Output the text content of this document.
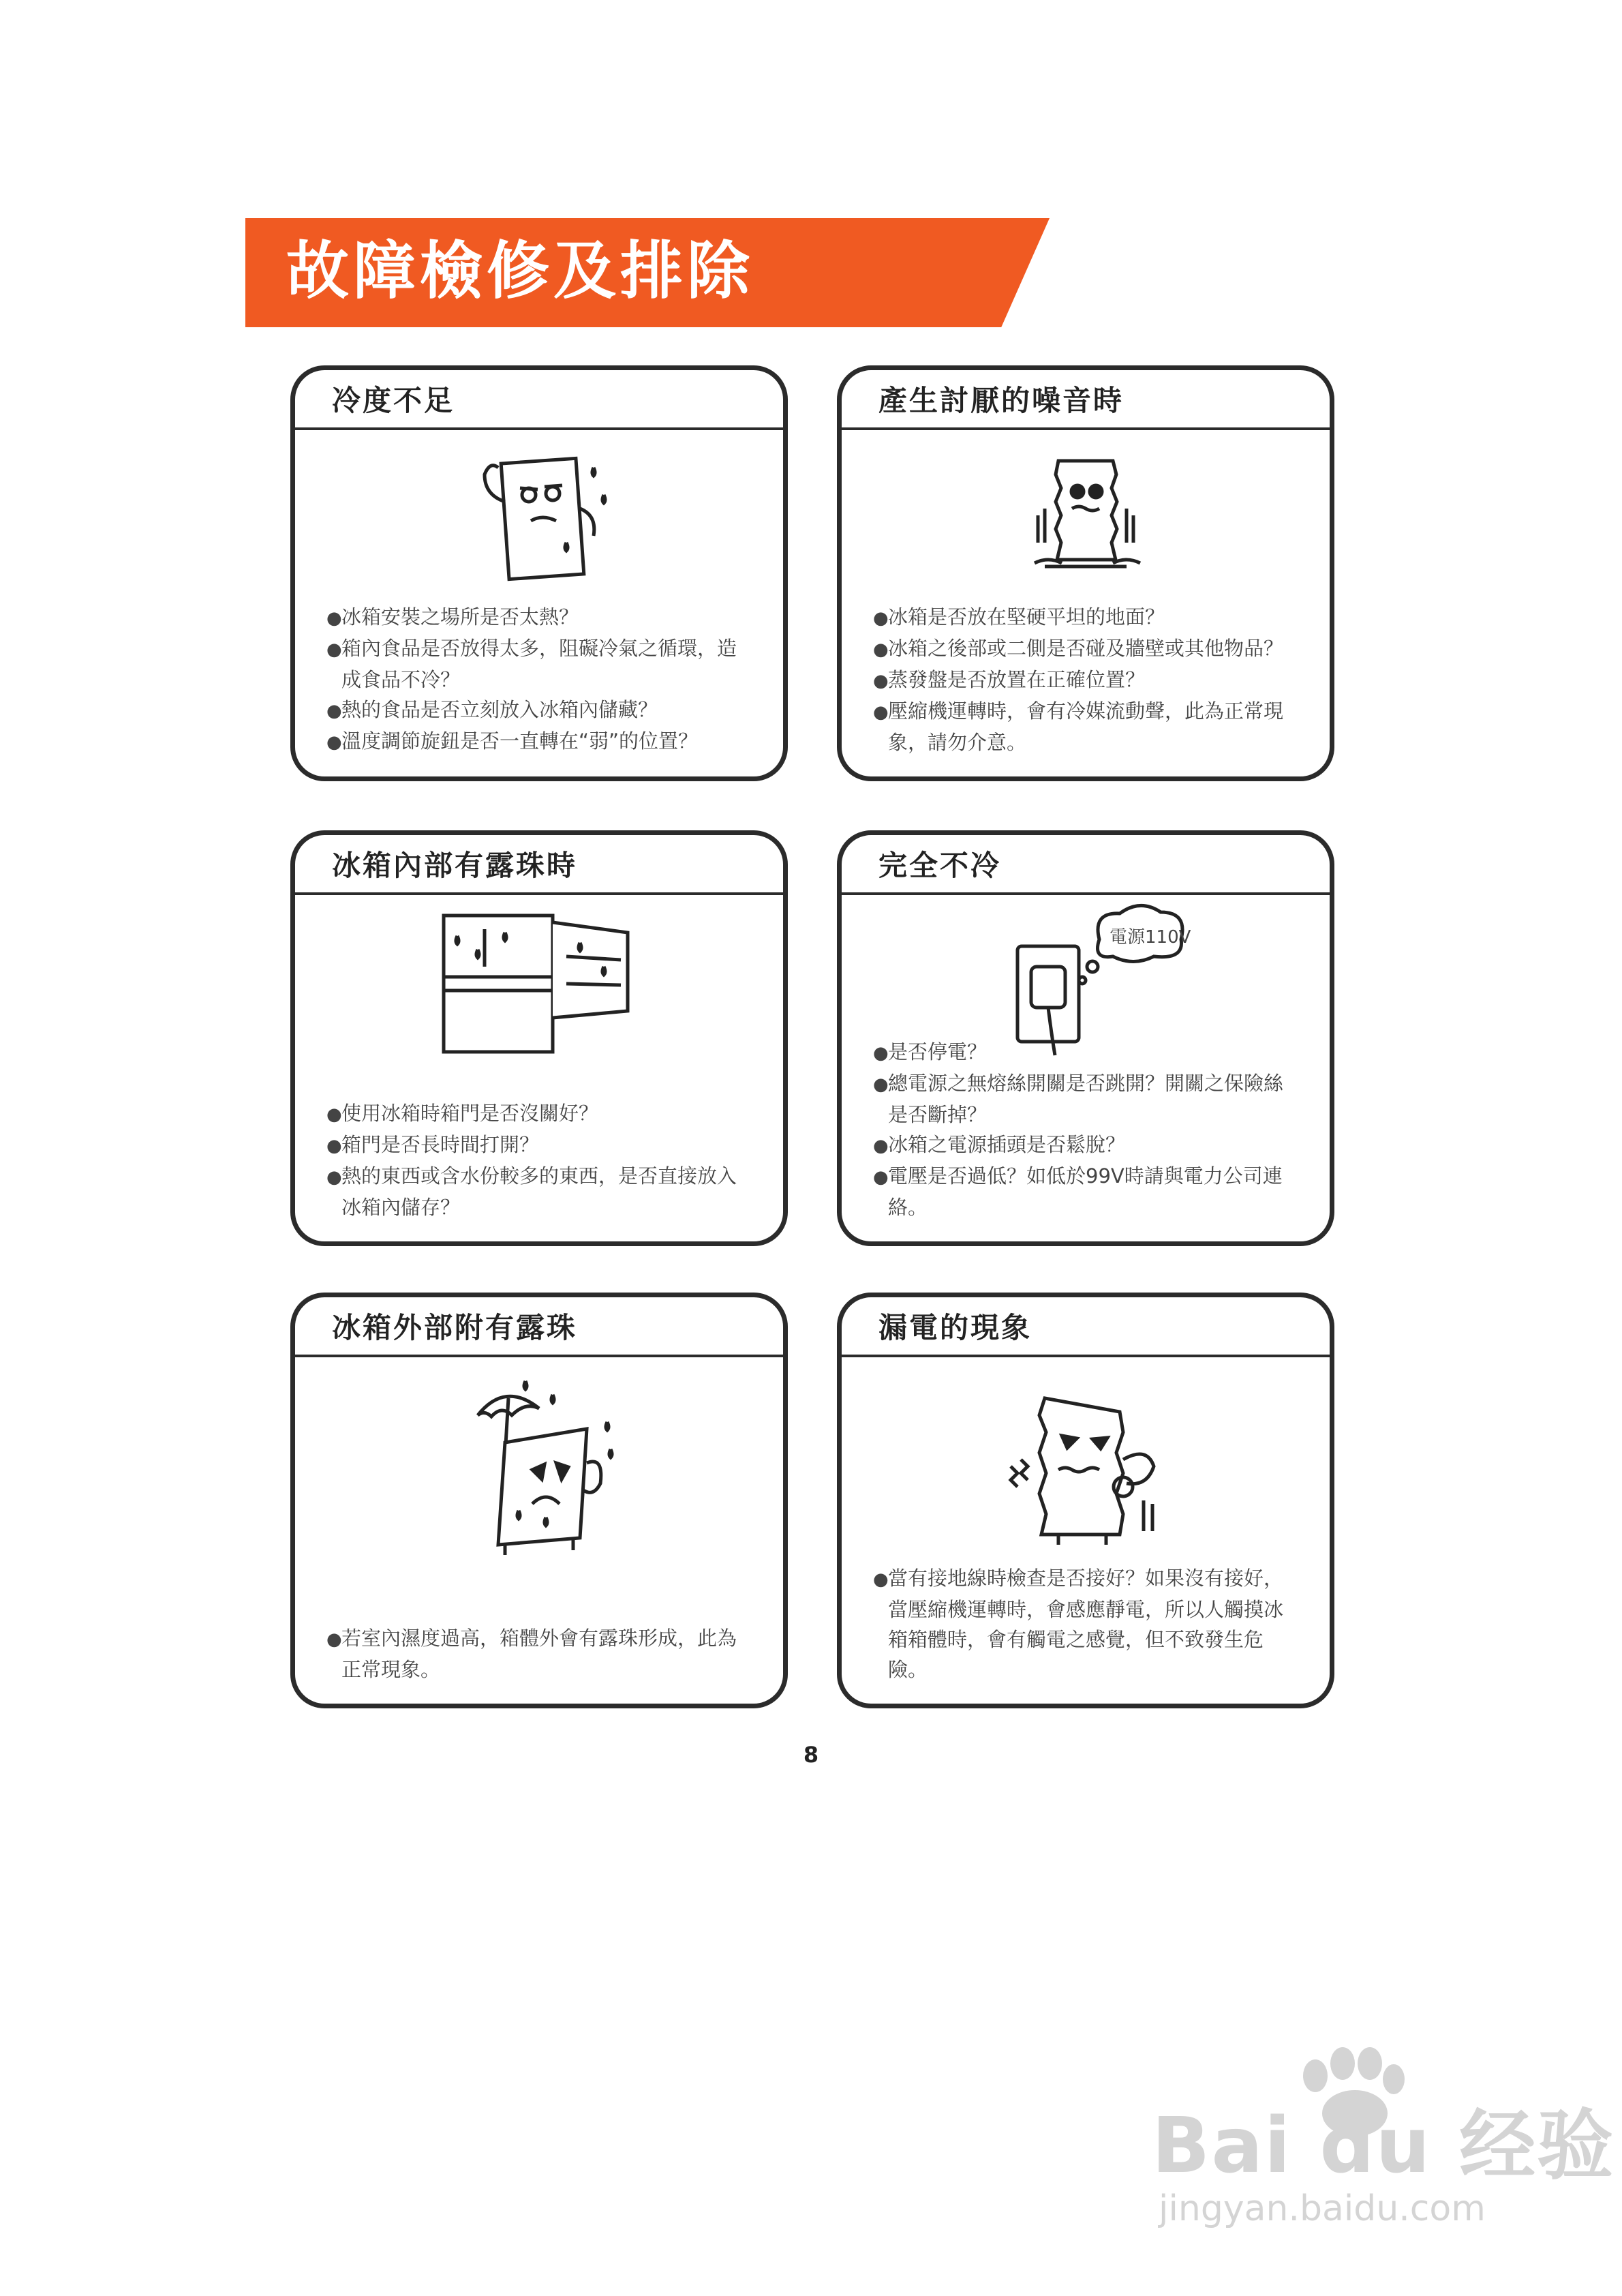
故障檢修及排除
冷度不足
●冰箱安裝之場所是否太熱？
●箱內食品是否放得太多，阻礙冷氣之循環，造成食品不冷？
●熱的食品是否立刻放入冰箱內儲藏？
●溫度調節旋鈕是否一直轉在“弱”的位置？
產生討厭的噪音時
●冰箱是否放在堅硬平坦的地面？
●冰箱之後部或二側是否碰及牆壁或其他物品？
●蒸發盤是否放置在正確位置？
●壓縮機運轉時，會有冷媒流動聲，此為正常現象，請勿介意。
冰箱內部有露珠時
●使用冰箱時箱門是否沒關好？
●箱門是否長時間打開？
●熱的東西或含水份較多的東西，是否直接放入冰箱內儲存？
完全不冷
電源110V
●是否停電？
●總電源之無熔絲開關是否跳開？開關之保險絲是否斷掉？
●冰箱之電源插頭是否鬆脫？
●電壓是否過低？如低於99V時請與電力公司連絡。
冰箱外部附有露珠
●若室內濕度過高，箱體外會有露珠形成，此為正常現象。
漏電的現象
●當有接地線時檢查是否接好？如果沒有接好，當壓縮機運轉時，會感應靜電，所以人觸摸冰箱箱體時，會有觸電之感覺，但不致發生危險。
8
Bai du 经验
jingyan.baidu.com
